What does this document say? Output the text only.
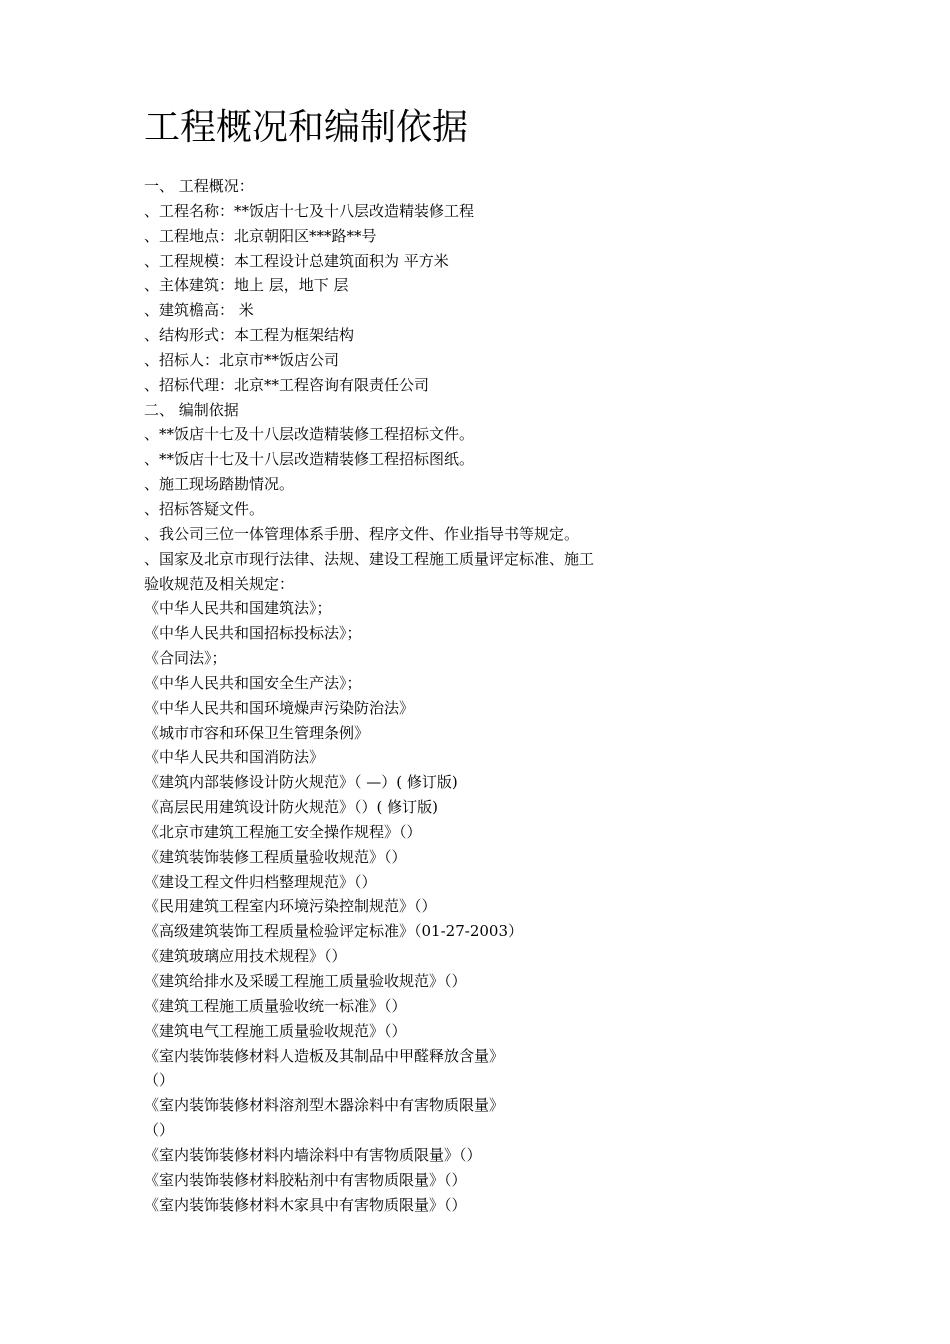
工程概况和编制依据
一、 工程概况：
、工程名称：**饭店十七及十八层改造精装修工程
、工程地点：北京朝阳区***路**号
、工程规模：本工程设计总建筑面积为 平方米
、主体建筑：地上 层，地下 层
、建筑檐高： 米
、结构形式：本工程为框架结构
、招标人：北京市**饭店公司
、招标代理：北京**工程咨询有限责任公司
二、 编制依据
、**饭店十七及十八层改造精装修工程招标文件。
、**饭店十七及十八层改造精装修工程招标图纸。
、施工现场踏勘情况。
、招标答疑文件。
、我公司三位一体管理体系手册、程序文件、作业指导书等规定。
、国家及北京市现行法律、法规、建设工程施工质量评定标准、施工
验收规范及相关规定：
《中华人民共和国建筑法》；
《中华人民共和国招标投标法》；
《合同法》；
《中华人民共和国安全生产法》；
《中华人民共和国环境燥声污染防治法》
《城市市容和环保卫生管理条例》
《中华人民共和国消防法》
《建筑内部装修设计防火规范》（ —）( 修订版)
《高层民用建筑设计防火规范》（）( 修订版)
《北京市建筑工程施工安全操作规程》（）
《建筑装饰装修工程质量验收规范》（）
《建设工程文件归档整理规范》（）
《民用建筑工程室内环境污染控制规范》（）
《高级建筑装饰工程质量检验评定标准》（01-27-2003）
《建筑玻璃应用技术规程》（）
《建筑给排水及采暖工程施工质量验收规范》（）
《建筑工程施工质量验收统一标准》（）
《建筑电气工程施工质量验收规范》（）
《室内装饰装修材料人造板及其制品中甲醛释放含量》
（）
《室内装饰装修材料溶剂型木器涂料中有害物质限量》
（）
《室内装饰装修材料内墙涂料中有害物质限量》（）
《室内装饰装修材料胶粘剂中有害物质限量》（）
《室内装饰装修材料木家具中有害物质限量》（）
